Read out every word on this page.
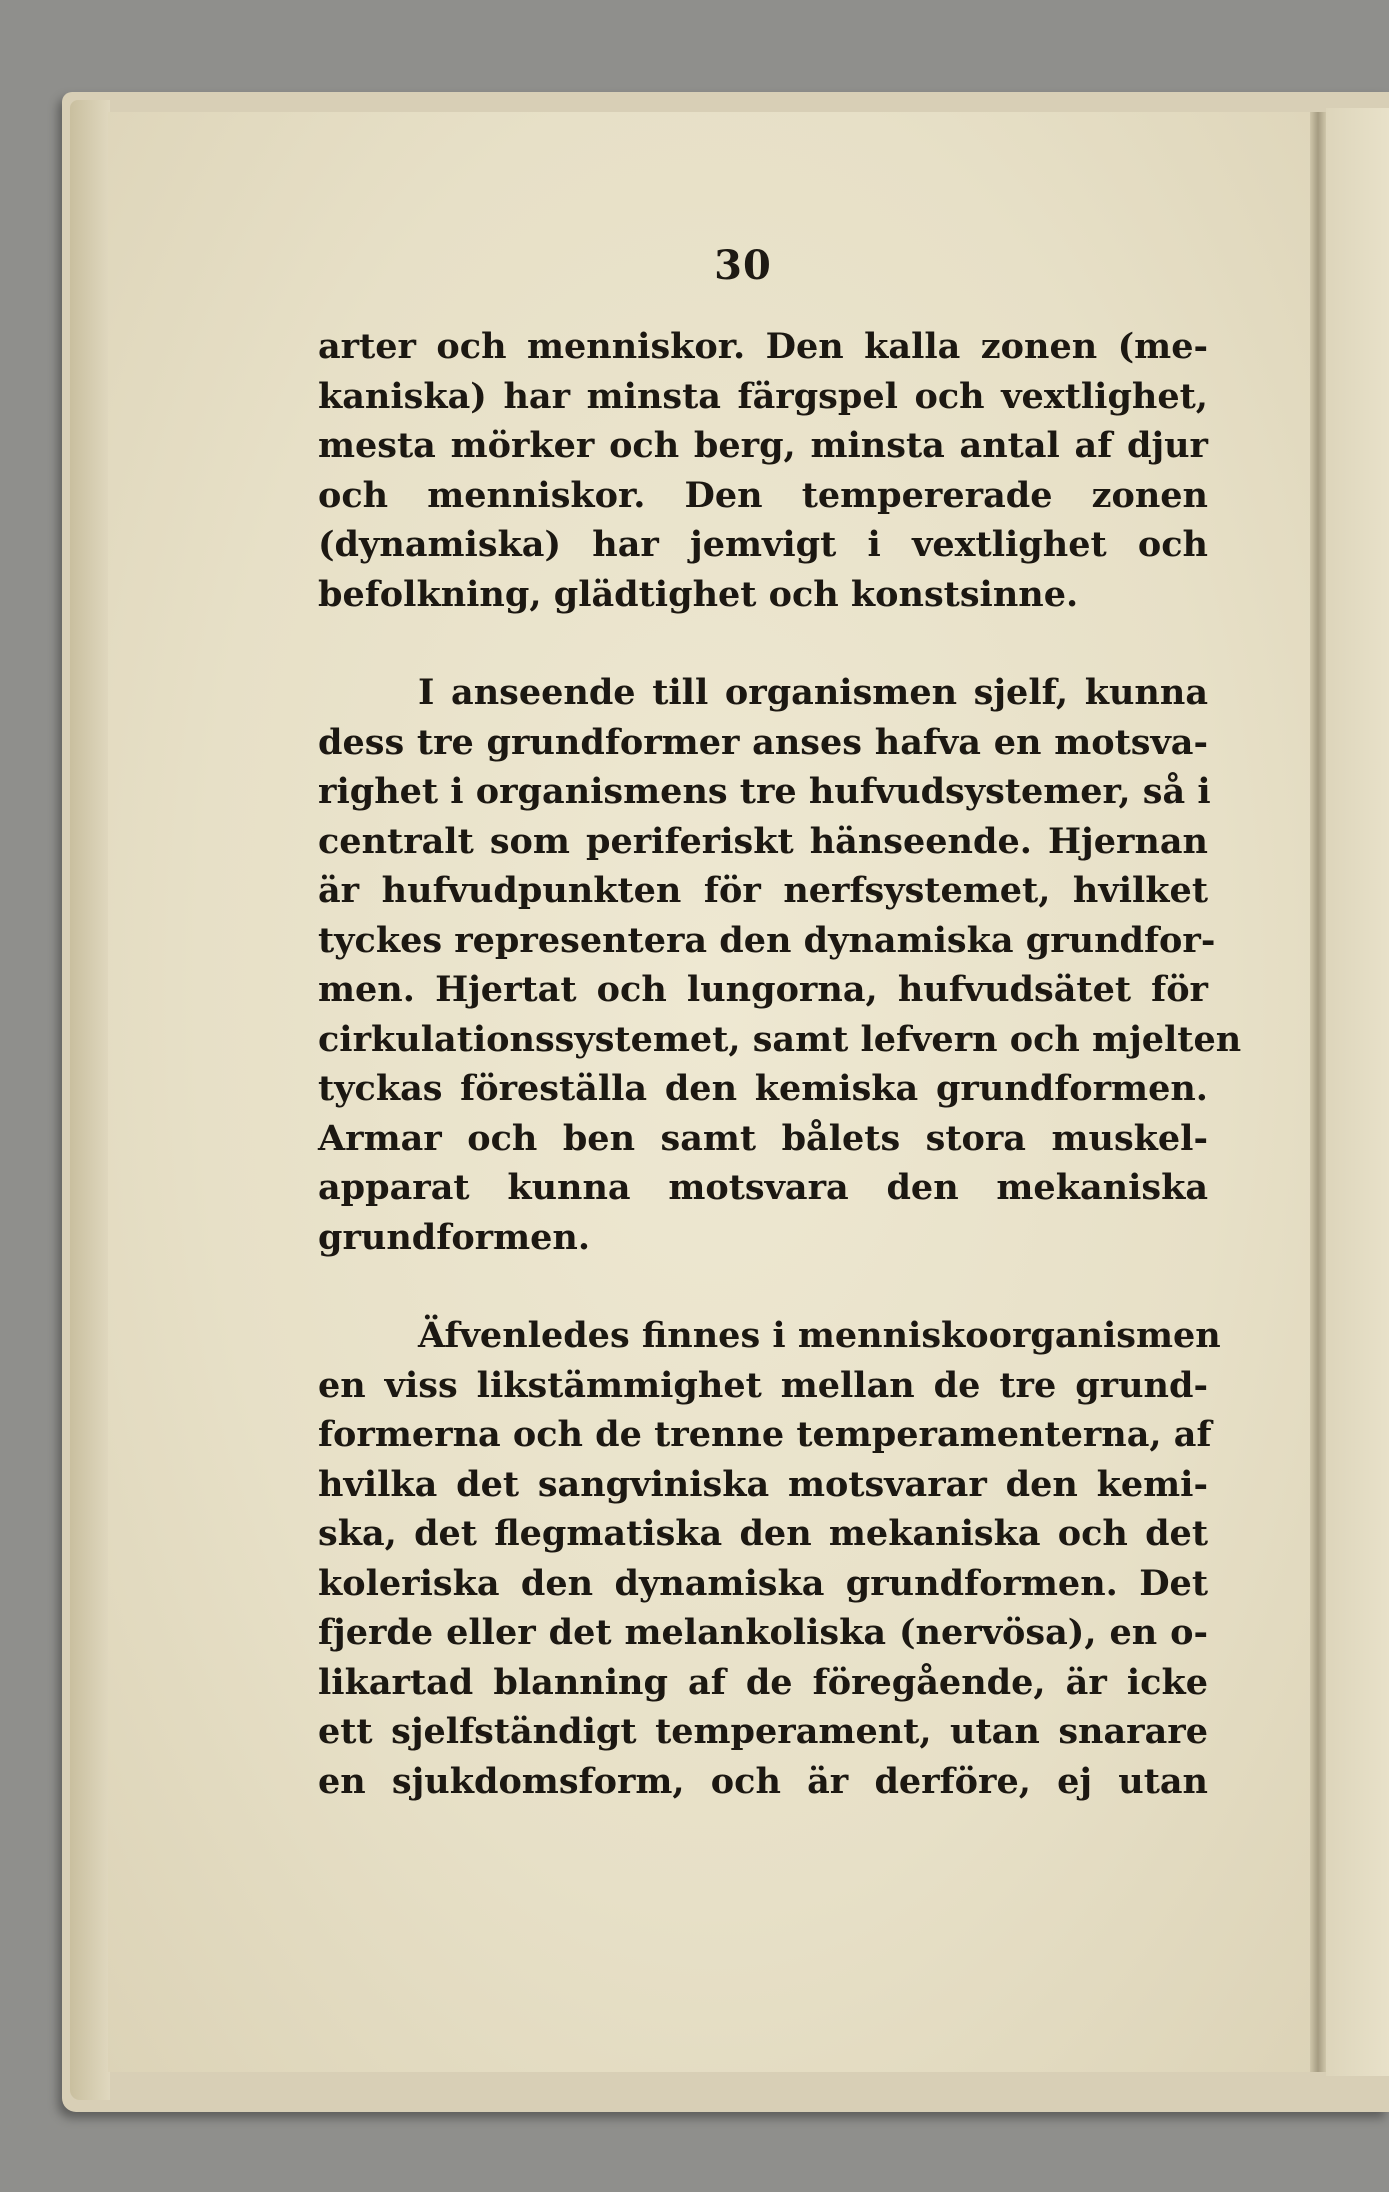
30
arter och menniskor. Den kalla zonen (me-
kaniska) har minsta färgspel och vextlighet,
mesta mörker och berg, minsta antal af djur
och menniskor. Den tempererade zonen
(dynamiska) har jemvigt i vextlighet och
befolkning, glädtighet och konstsinne.
I anseende till organismen sjelf, kunna
dess tre grundformer anses hafva en motsva-
righet i organismens tre hufvudsystemer, så i
centralt som periferiskt hänseende. Hjernan
är hufvudpunkten för nerfsystemet, hvilket
tyckes representera den dynamiska grundfor-
men. Hjertat och lungorna, hufvudsätet för
cirkulationssystemet, samt lefvern och mjelten
tyckas föreställa den kemiska grundformen.
Armar och ben samt bålets stora muskel-
apparat kunna motsvara den mekaniska
grundformen.
Äfvenledes finnes i menniskoorganismen
en viss likstämmighet mellan de tre grund-
formerna och de trenne temperamenterna, af
hvilka det sangviniska motsvarar den kemi-
ska, det flegmatiska den mekaniska och det
koleriska den dynamiska grundformen. Det
fjerde eller det melankoliska (nervösa), en o-
likartad blanning af de föregående, är icke
ett sjelfständigt temperament, utan snarare
en sjukdomsform, och är derföre, ej utan
